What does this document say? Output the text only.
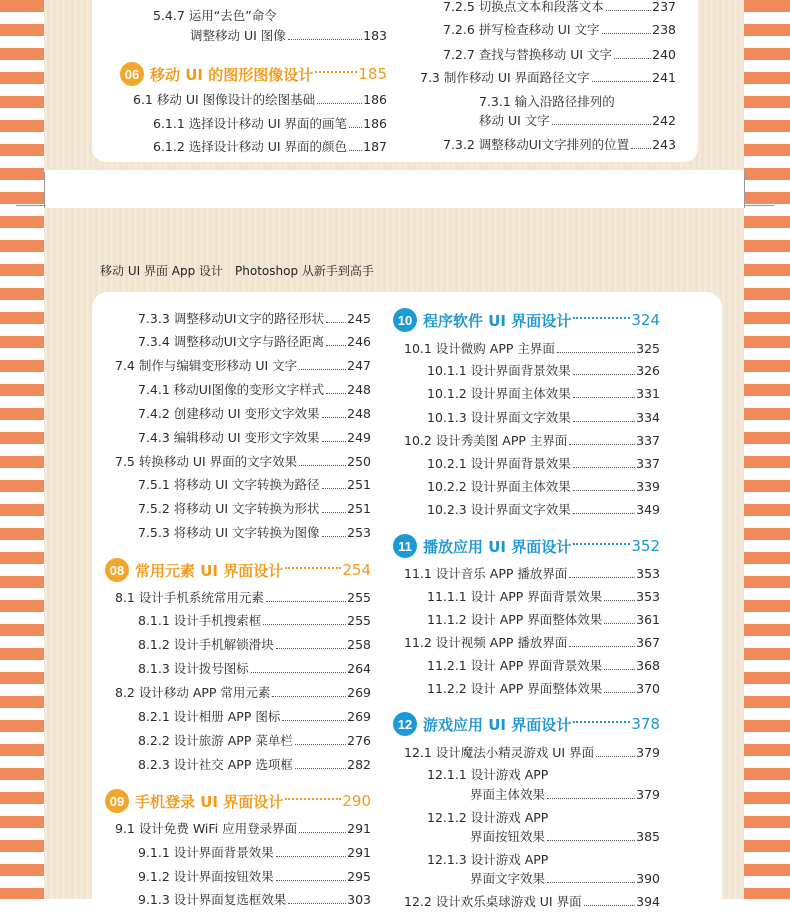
移动 UI 界面 App 设计　Photoshop 从新手到高手
5.4.7 运用“去色”命令
调整移动 UI 图像	183
06 移动 UI 的图形图像设计	185
6.1 移动 UI 图像设计的绘图基础	186
6.1.1 选择设计移动 UI 界面的画笔 186
6.1.2 选择设计移动 UI 界面的颜色 187
7.2.5 切换点文本和段落文本	237
7.2.6 拼写检查移动 UI 文字	238
7.2.7 查找与替换移动 UI 文字	240
7.3 制作移动 UI 界面路径文字	241
7.3.1 输入沿路径排列的
移动 UI 文字	242
7.3.2 调整移动UI文字排列的位置 243
7.3.3 调整移动UI文字的路径形状 245
7.3.4 调整移动UI文字与路径距离 246
7.4 制作与编辑变形移动 UI 文字	247
7.4.1 移动UI图像的变形文字样式 248
7.4.2 创建移动 UI 变形文字效果 248
7.4.3 编辑移动 UI 变形文字效果 249
7.5 转换移动 UI 界面的文字效果	250
7.5.1 将移动 UI 文字转换为路径 251
7.5.2 将移动 UI 文字转换为形状 251
7.5.3 将移动 UI 文字转换为图像 253
08 常用元素 UI 界面设计	254
8.1 设计手机系统常用元素	255
8.1.1 设计手机搜索框	255
8.1.2 设计手机解锁滑块	258
8.1.3 设计拨号图标	264
8.2 设计移动 APP 常用元素	269
8.2.1 设计相册 APP 图标	269
8.2.2 设计旅游 APP 菜单栏	276
8.2.3 设计社交 APP 选项框	282
09 手机登录 UI 界面设计	290
9.1 设计免费 WiFi 应用登录界面	291
9.1.1 设计界面背景效果	291
9.1.2 设计界面按钮效果	295
9.1.3 设计界面复选框效果	303
10 程序软件 UI 界面设计	324
10.1 设计微购 APP 主界面	325
10.1.1 设计界面背景效果	326
10.1.2 设计界面主体效果	331
10.1.3 设计界面文字效果	334
10.2 设计秀美图 APP 主界面	337
10.2.1 设计界面背景效果	337
10.2.2 设计界面主体效果	339
10.2.3 设计界面文字效果	349
11 播放应用 UI 界面设计	352
11.1 设计音乐 APP 播放界面	353
11.1.1 设计 APP 界面背景效果	353
11.1.2 设计 APP 界面整体效果	361
11.2 设计视频 APP 播放界面	367
11.2.1 设计 APP 界面背景效果	368
11.2.2 设计 APP 界面整体效果	370
12 游戏应用 UI 界面设计	378
12.1 设计魔法小精灵游戏 UI 界面	379
12.1.1 设计游戏 APP
界面主体效果	379
12.1.2 设计游戏 APP
界面按钮效果	385
12.1.3 设计游戏 APP
界面文字效果	390
12.2 设计欢乐桌球游戏 UI 界面	394
